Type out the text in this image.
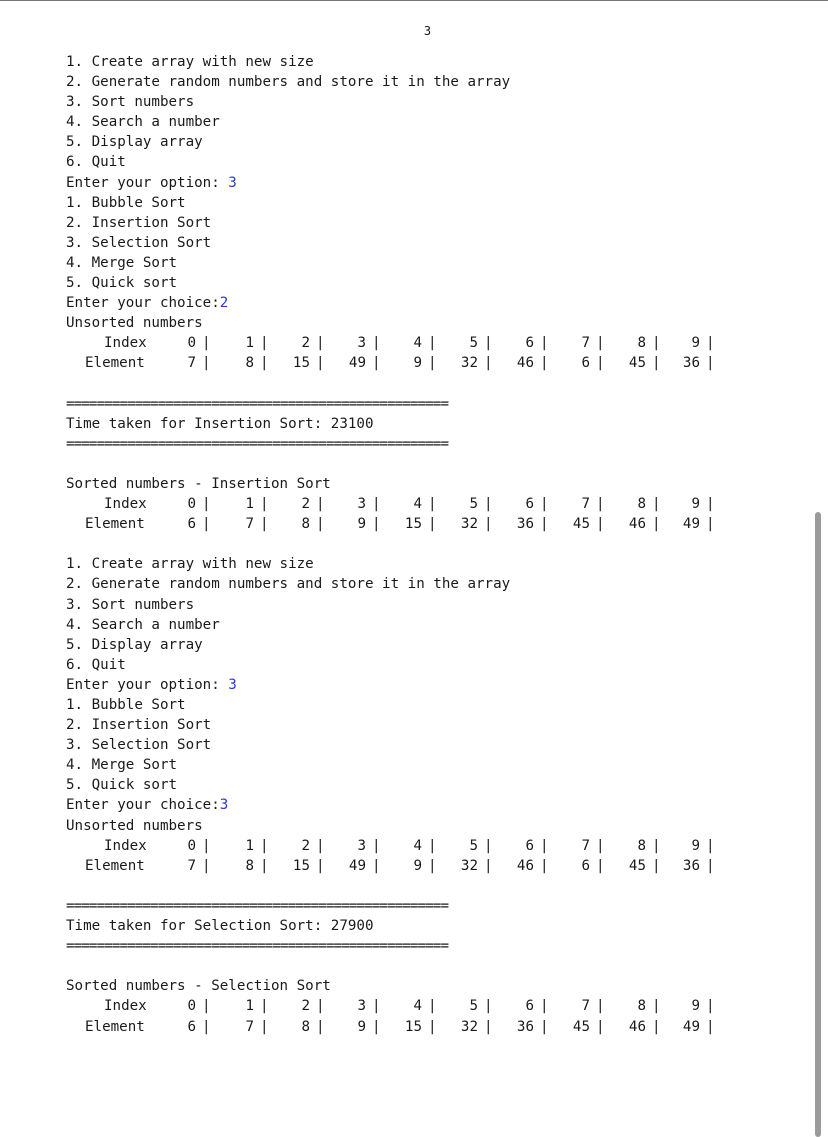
3
1. Create array with new size
2. Generate random numbers and store it in the array
3. Sort numbers
4. Search a number
5. Display array
6. Quit
Enter your option: 3
1. Bubble Sort
2. Insertion Sort
3. Selection Sort
4. Merge Sort
5. Quick sort
Enter your choice:2
Unsorted numbers
Index	0 |	1 |	2 |	3 |	4 |	5 |	6 |	7 |	8 |	9 |
Element	7 |	8 |	15 |	49 |	9 |	32 |	46 |	6 |	45 |	36 |
==================================================
Time taken for Insertion Sort: 23100
==================================================
Sorted numbers - Insertion Sort
Index	0 |	1 |	2 |	3 |	4 |	5 |	6 |	7 |	8 |	9 |
Element	6 |	7 |	8 |	9 |	15 |	32 |	36 |	45 |	46 |	49 |
1. Create array with new size
2. Generate random numbers and store it in the array
3. Sort numbers
4. Search a number
5. Display array
6. Quit
Enter your option: 3
1. Bubble Sort
2. Insertion Sort
3. Selection Sort
4. Merge Sort
5. Quick sort
Enter your choice:3
Unsorted numbers
Index	0 |	1 |	2 |	3 |	4 |	5 |	6 |	7 |	8 |	9 |
Element	7 |	8 |	15 |	49 |	9 |	32 |	46 |	6 |	45 |	36 |
==================================================
Time taken for Selection Sort: 27900
==================================================
Sorted numbers - Selection Sort
Index	0 |	1 |	2 |	3 |	4 |	5 |	6 |	7 |	8 |	9 |
Element	6 |	7 |	8 |	9 |	15 |	32 |	36 |	45 |	46 |	49 |
